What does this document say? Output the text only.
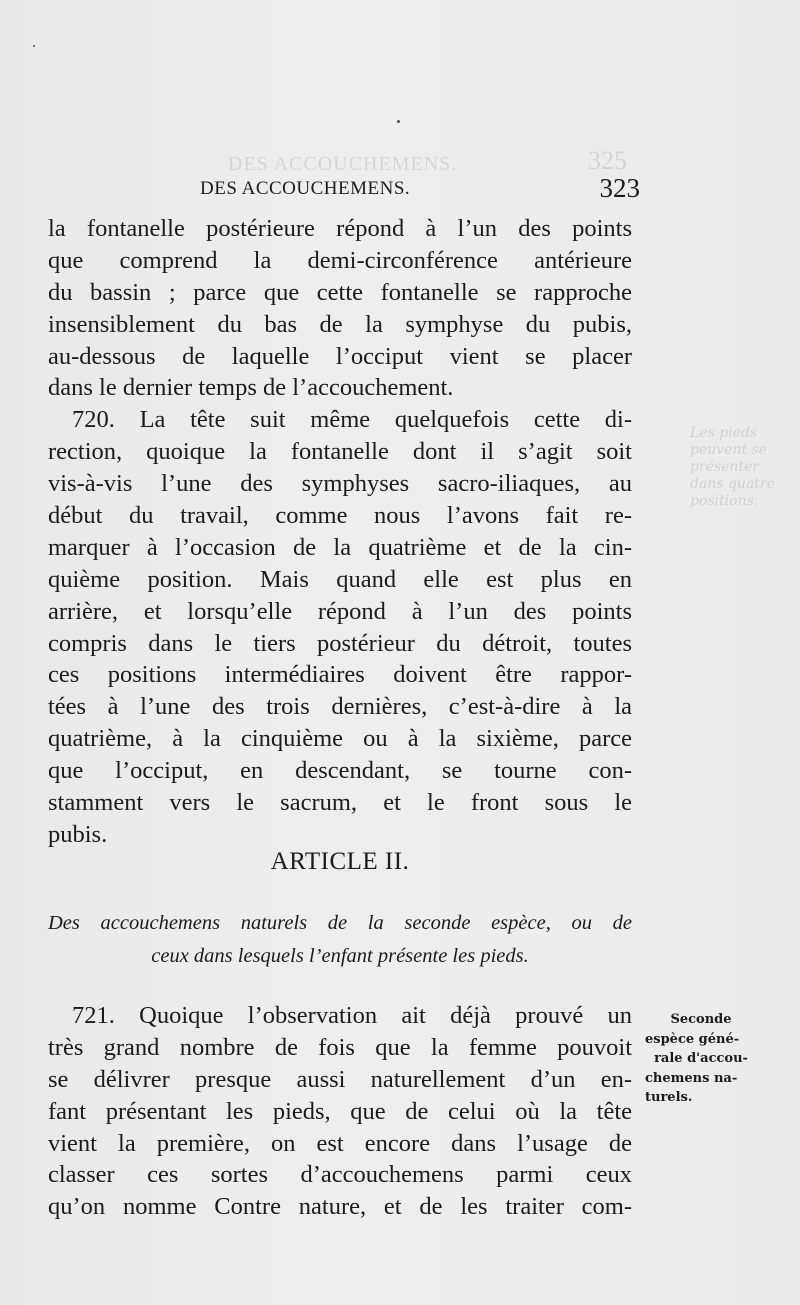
DES ACCOUCHEMENS.	325
Les pieds
peuvent se
présenter
dans quatre
positions.
DES ACCOUCHEMENS.	323

la fontanelle postérieure répond à l’un des points
que comprend la demi-circonférence antérieure
du bassin ; parce que cette fontanelle se rapproche
insensiblement du bas de la symphyse du pubis,
au-dessous de laquelle l’occiput vient se placer
dans le dernier temps de l’accouchement.

720. La tête suit même quelquefois cette di-
rection, quoique la fontanelle dont il s’agit soit
vis-à-vis l’une des symphyses sacro-iliaques, au
début du travail, comme nous l’avons fait re-
marquer à l’occasion de la quatrième et de la cin-
quième position. Mais quand elle est plus en
arrière, et lorsqu’elle répond à l’un des points
compris dans le tiers postérieur du détroit, toutes
ces positions intermédiaires doivent être rappor-
tées à l’une des trois dernières, c’est-à-dire à la
quatrième, à la cinquième ou à la sixième, parce
que l’occiput, en descendant, se tourne con-
stamment vers le sacrum, et le front sous le
pubis.

ARTICLE II.
Des accouchemens naturels de la seconde espèce, ou de
ceux dans lesquels l’enfant présente les pieds.
721. Quoique l’observation ait déjà prouvé un
très grand nombre de fois que la femme pouvoit
se délivrer presque aussi naturellement d’un en-
fant présentant les pieds, que de celui où la tête
vient la première, on est encore dans l’usage de
classer ces sortes d’accouchemens parmi ceux
qu’on nomme Contre nature, et de les traiter com-
Seconde
espèce géné-
rale d'accou-
chemens na-
turels.
